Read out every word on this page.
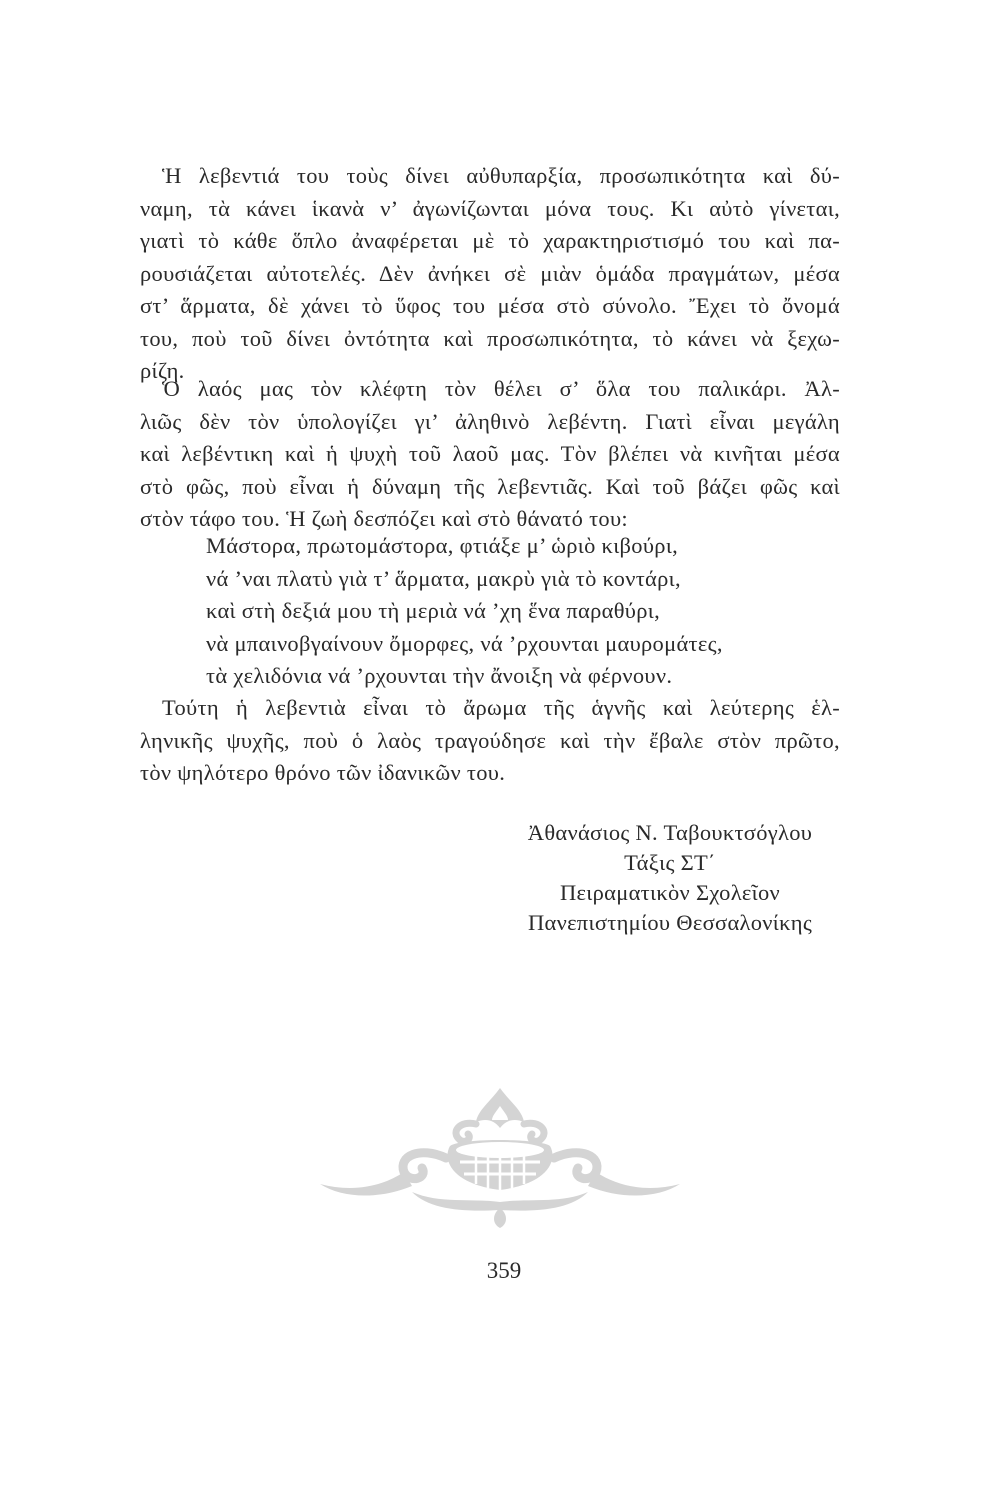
Ἡ λεβεντιά του τοὺς δίνει αὐθυπαρξία, προσωπικότητα καὶ δύ-
ναμη, τὰ κάνει ἱκανὰ ν’ ἀγωνίζωνται μόνα τους. Κι αὐτὸ γίνεται,
γιατὶ τὸ κάθε ὅπλο ἀναφέρεται μὲ τὸ χαρακτηριστισμό του καὶ πα-
ρουσιάζεται αὐτοτελές. Δὲν ἀνήκει σὲ μιὰν ὁμάδα πραγμάτων, μέσα
στ’ ἅρματα, δὲ χάνει τὸ ὕφος του μέσα στὸ σύνολο. Ἔχει τὸ ὄνομά
του, ποὺ τοῦ δίνει ὀντότητα καὶ προσωπικότητα, τὸ κάνει νὰ ξεχω-
ρίζη.
Ὁ λαός μας τὸν κλέφτη τὸν θέλει σ’ ὅλα του παλικάρι. Ἀλ-
λιῶς δὲν τὸν ὑπολογίζει γι’ ἀληθινὸ λεβέντη. Γιατὶ εἶναι μεγάλη
καὶ λεβέντικη καὶ ἡ ψυχὴ τοῦ λαοῦ μας. Τὸν βλέπει νὰ κινῆται μέσα
στὸ φῶς, ποὺ εἶναι ἡ δύναμη τῆς λεβεντιᾶς. Καὶ τοῦ βάζει φῶς καὶ
στὸν τάφο του. Ἡ ζωὴ δεσπόζει καὶ στὸ θάνατό του:
Μάστορα, πρωτομάστορα, φτιάξε μ’ ὡριὸ κιβούρι,
νά ’ναι πλατὺ γιὰ τ’ ἅρματα, μακρὺ γιὰ τὸ κοντάρι,
καὶ στὴ δεξιά μου τὴ μεριὰ νά ’χη ἕνα παραθύρι,
νὰ μπαινοβγαίνουν ὄμορφες, νά ’ρχουνται μαυρομάτες,
τὰ χελιδόνια νά ’ρχουνται τὴν ἄνοιξη νὰ φέρνουν.
Τούτη ἡ λεβεντιὰ εἶναι τὸ ἄρωμα τῆς ἁγνῆς καὶ λεύτερης ἑλ-
ληνικῆς ψυχῆς, ποὺ ὁ λαὸς τραγούδησε καὶ τὴν ἔβαλε στὸν πρῶτο,
τὸν ψηλότερο θρόνο τῶν ἰδανικῶν του.
Ἀθανάσιος Ν. Ταβουκτσόγλου
Τάξις ΣΤ΄
Πειραματικὸν Σχολεῖον
Πανεπιστημίου Θεσσαλονίκης
359
